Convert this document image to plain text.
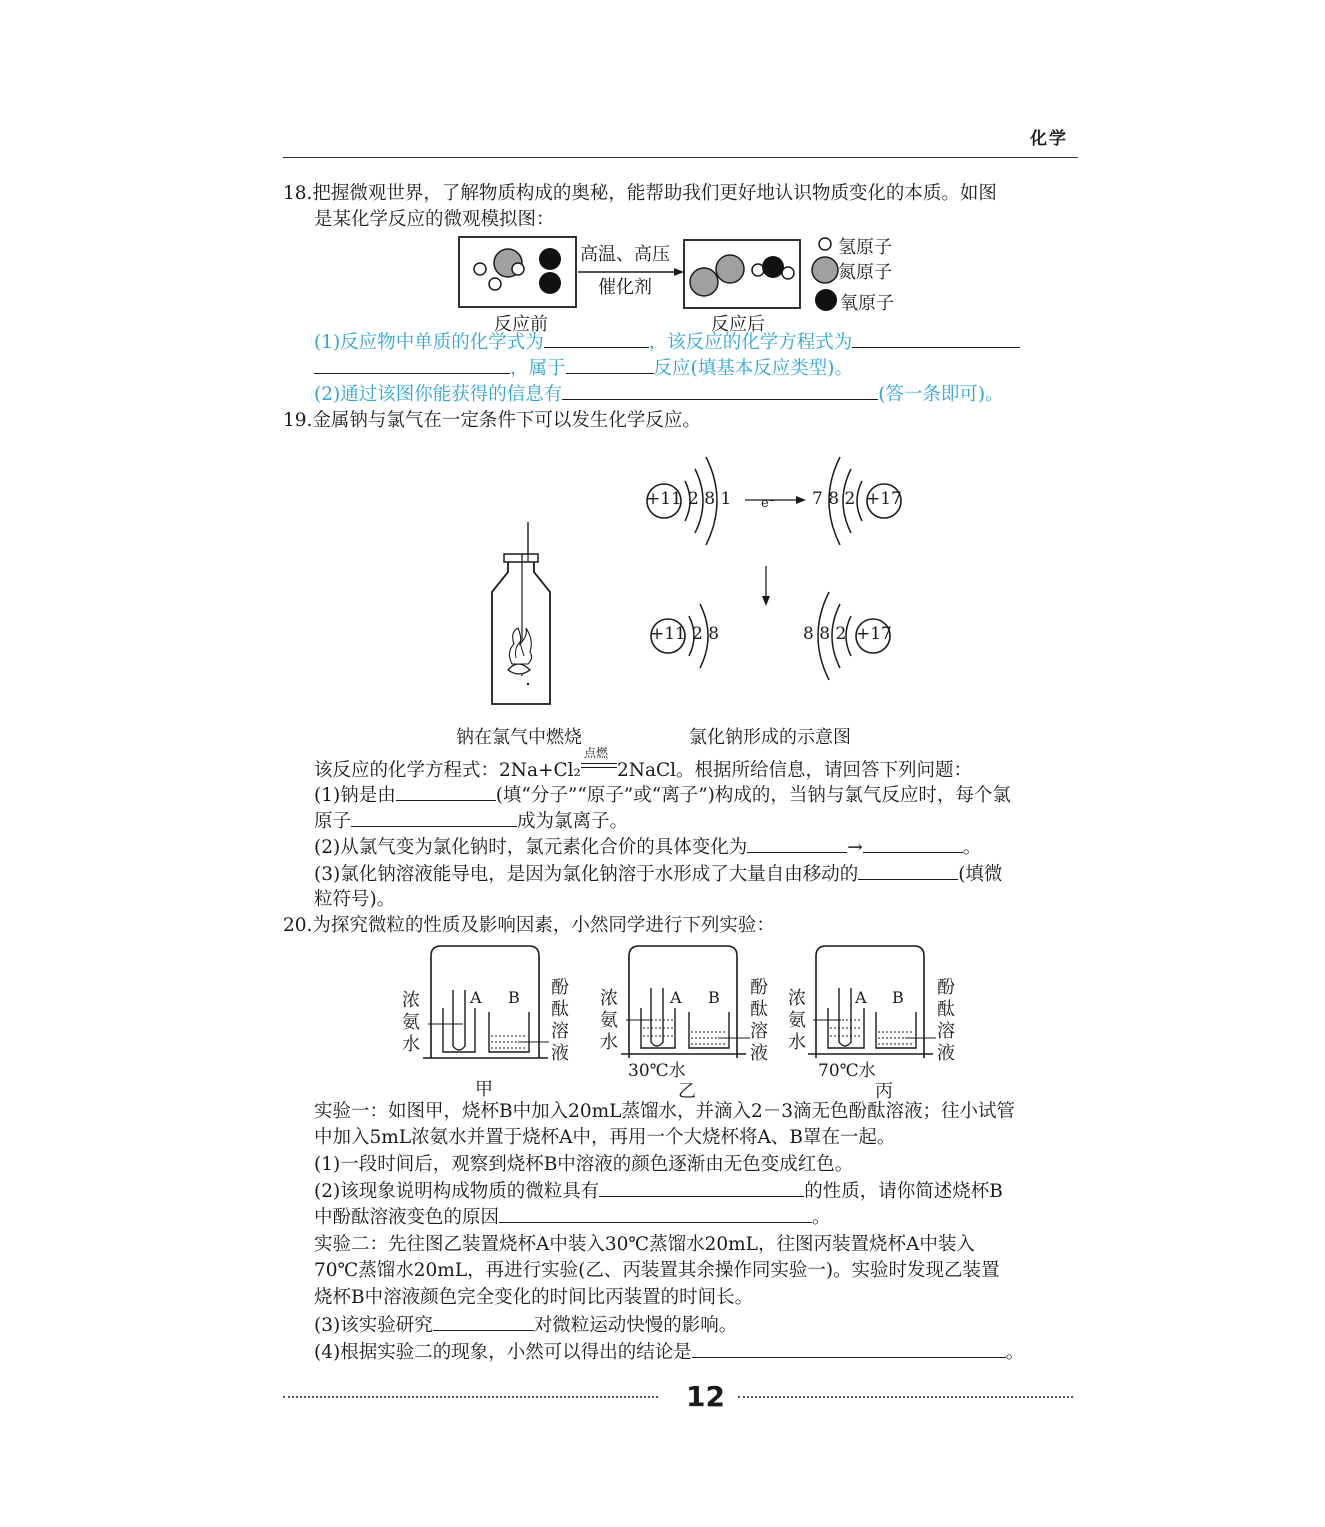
化学
18.把握微观世界，了解物质构成的奥秘，能帮助我们更好地认识物质变化的本质。如图
是某化学反应的微观模拟图：
高温、高压
催化剂
氢原子
氮原子
氧原子
反应前	反应后
(1)反应物中单质的化学式为	，该反应的化学方程式为
，属于	反应(填基本反应类型)。
(2)通过该图你能获得的信息有	(答一条即可)。
19.金属钠与氯气在一定条件下可以发生化学反应。
+11 2 8 1 e⁻ 7 8 2 +17
+11 2 8	8 8 2 +17
钠在氯气中燃烧	氯化钠形成的示意图
该反应的化学方程式：2Na+Cl₂
点燃
2NaCl。根据所给信息，请回答下列问题：
(1)钠是由	(填“分子”“原子”或“离子”)构成的，当钠与氯气反应时，每个氯
原子	成为氯离子。
(2)从氯气变为氯化钠时，氯元素化合价的具体变化为	→	。
(3)氯化钠溶液能导电，是因为氯化钠溶于水形成了大量自由移动的	(填微
粒符号)。
20.为探究微粒的性质及影响因素，小然同学进行下列实验：
浓
氨
水
A B 酚
酞
溶
液
甲
浓
氨
水
A B 酚
酞
溶
液
30℃水
乙
浓
氨
水
A B 酚
酞
溶
液
70℃水
丙
实验一：如图甲，烧杯B中加入20mL蒸馏水，并滴入2－3滴无色酚酞溶液；往小试管
中加入5mL浓氨水并置于烧杯A中，再用一个大烧杯将A、B罩在一起。
(1)一段时间后，观察到烧杯B中溶液的颜色逐渐由无色变成红色。
(2)该现象说明构成物质的微粒具有	的性质，请你简述烧杯B
中酚酞溶液变色的原因	。
实验二：先往图乙装置烧杯A中装入30℃蒸馏水20mL，往图丙装置烧杯A中装入
70℃蒸馏水20mL，再进行实验(乙、丙装置其余操作同实验一)。实验时发现乙装置
烧杯B中溶液颜色完全变化的时间比丙装置的时间长。
(3)该实验研究	对微粒运动快慢的影响。
(4)根据实验二的现象，小然可以得出的结论是	。
12
